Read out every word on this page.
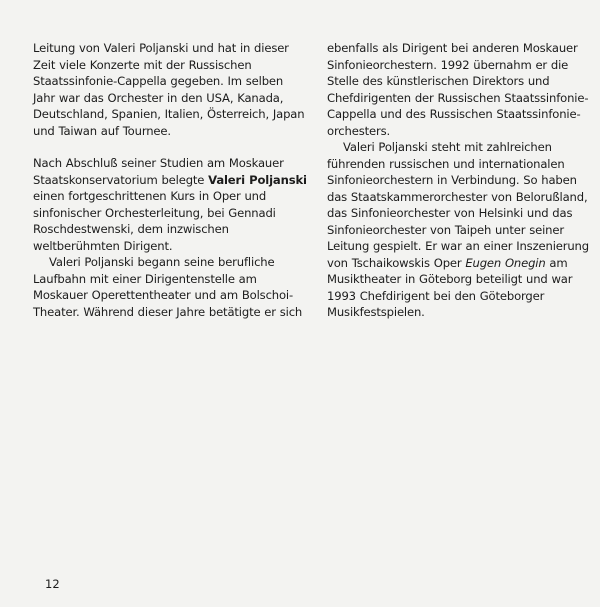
Leitung von Valeri Poljanski und hat in dieser
Zeit viele Konzerte mit der Russischen
Staatssinfonie-Cappella gegeben. Im selben
Jahr war das Orchester in den USA, Kanada,
Deutschland, Spanien, Italien, Österreich, Japan
und Taiwan auf Tournee.

Nach Abschluß seiner Studien am Moskauer
Staatskonservatorium belegte Valeri Poljanski
einen fortgeschrittenen Kurs in Oper und
sinfonischer Orchesterleitung, bei Gennadi
Roschdestwenski, dem inzwischen
weltberühmten Dirigent.

Valeri Poljanski begann seine berufliche
Laufbahn mit einer Dirigentenstelle am
Moskauer Operettentheater und am Bolschoi-
Theater. Während dieser Jahre betätigte er sich

ebenfalls als Dirigent bei anderen Moskauer
Sinfonieorchestern. 1992 übernahm er die
Stelle des künstlerischen Direktors und
Chefdirigenten der Russischen Staatssinfonie-
Cappella und des Russischen Staatssinfonie-
orchesters.

Valeri Poljanski steht mit zahlreichen
führenden russischen und internationalen
Sinfonieorchestern in Verbindung. So haben
das Staatskammerorchester von Belorußland,
das Sinfonieorchester von Helsinki und das
Sinfonieorchester von Taipeh unter seiner
Leitung gespielt. Er war an einer Inszenierung
von Tschaikowskis Oper Eugen Onegin am
Musiktheater in Göteborg beteiligt und war
1993 Chefdirigent bei den Göteborger
Musikfestspielen.

12
